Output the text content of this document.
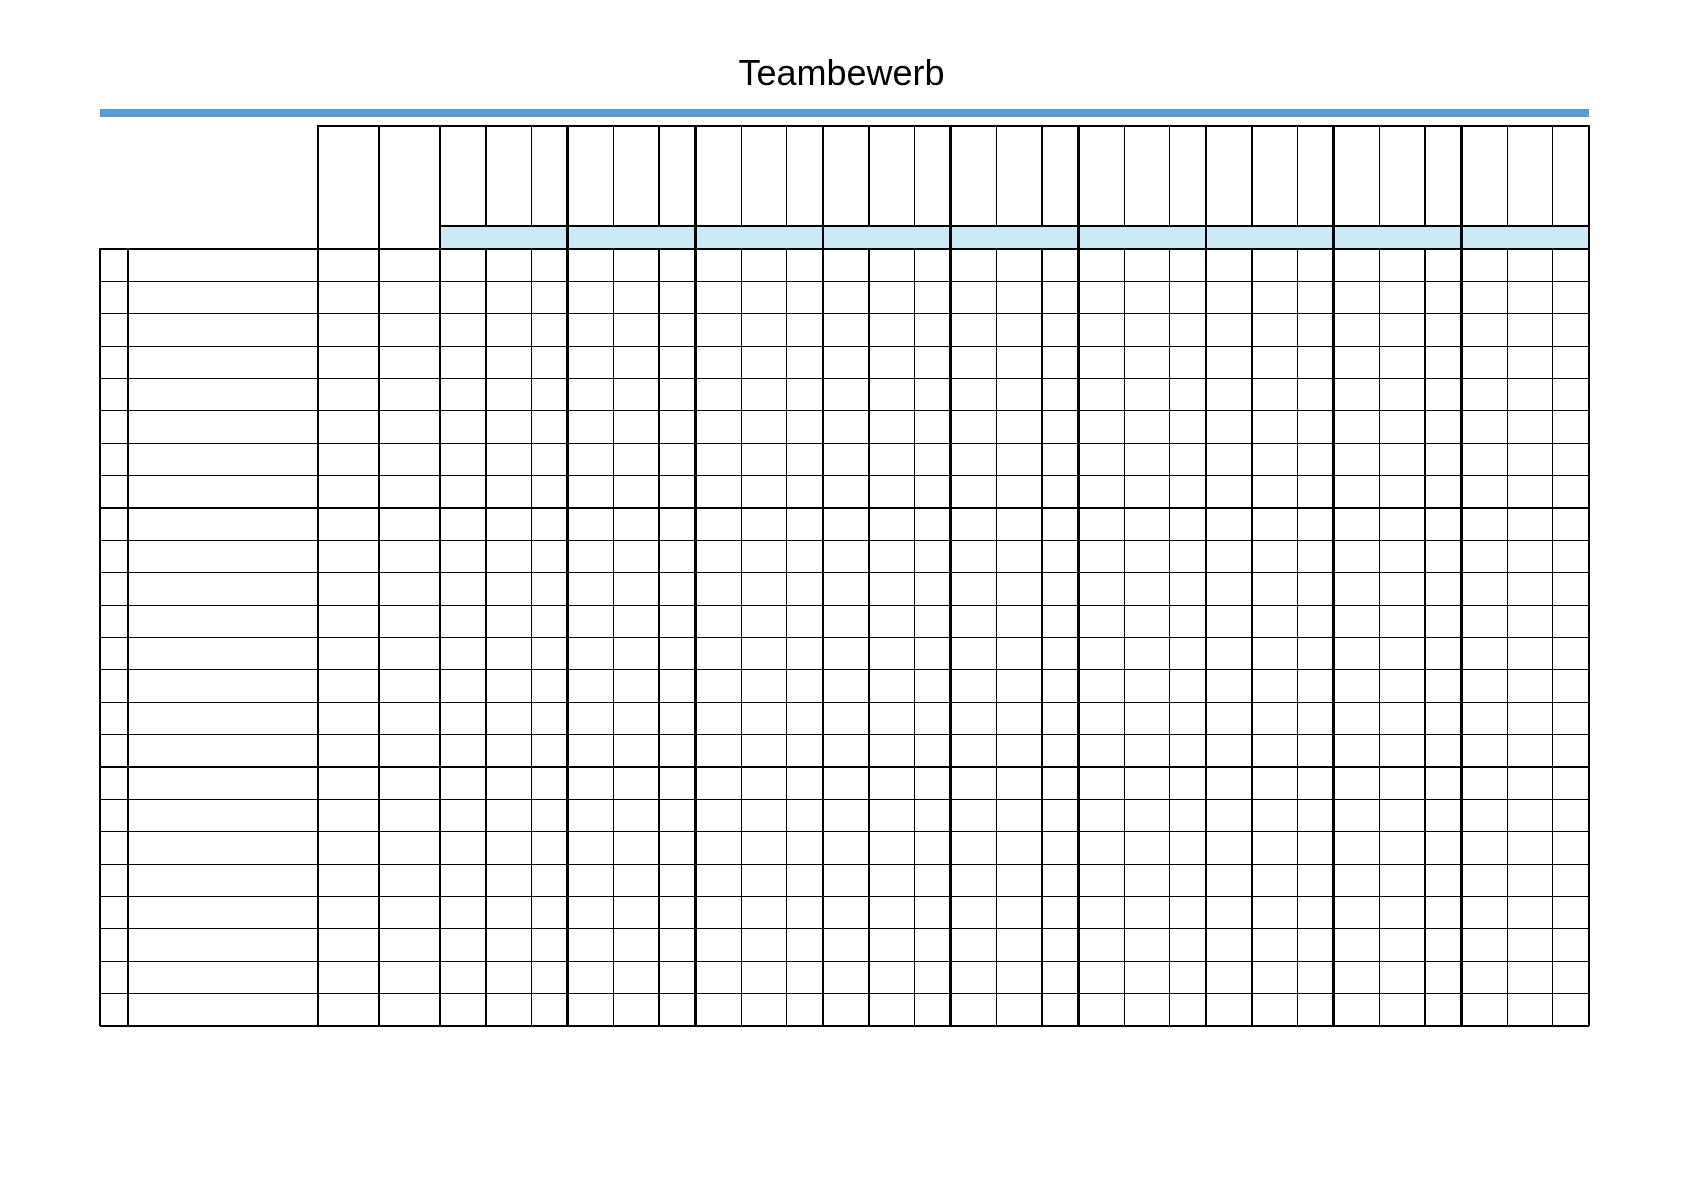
Teambewerb
